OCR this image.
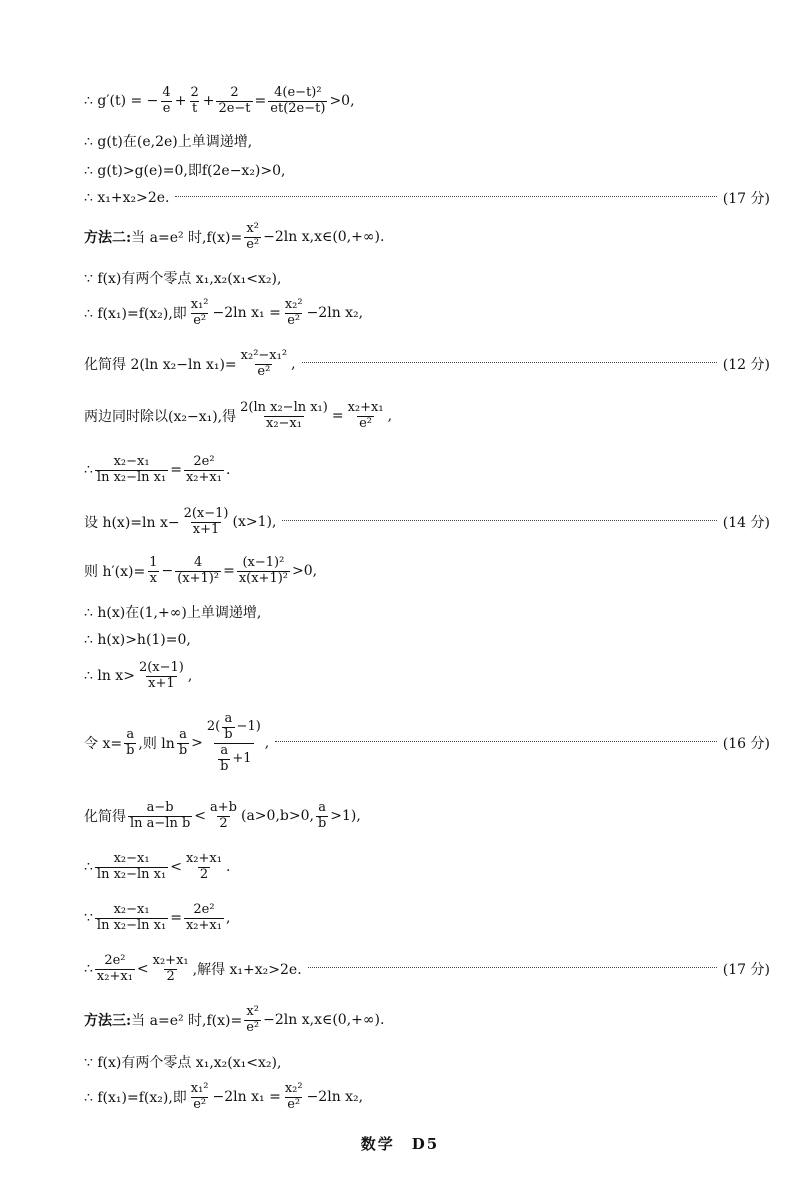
∴ g′(t) = − $\frac{4}{e} + \frac{2}{t} + \frac{2}{2e-t} = \frac{\text{4(e−t)²}}{et(2e-t)} >0$,
∴ g(t)在(e,2e)上单调递增,
∴ g(t)>g(e)=0,即f(2e−x₂)>0,
∴ x₁+x₂>2e.	(17 分)
方法二: 当 a=e² 时$,f(x)= \frac{\text{x²}}{\text{e²}} -2\ln$ x,x∈(0,+∞).
∵ f(x)有两个零点 x₁,x₂(x₁<x₂),
∴ f(x₁)=f(x₂),即 $\frac{\text{x₁²}}{\text{e²}} -2\ln$ $x_1 = \frac{\text{x₂²}}{\text{e²}} -2\ln$ x₂,
化简得 2(ln x₂−ln $x_1)= \frac{\text{x₂²−x₁²}}{\text{e²}}$ ,	(12 分)
两边同时除以(x₂−x₁),得 $\frac{\text{2(ln x₂−ln x₁)}}{\text{x₂−x₁}} = \frac{\text{x₂+x₁}}{\text{e²}}$ ,
∴ $\frac{\text{x₂−x₁}}{\text{ln x₂−ln x₁}} = \frac{\text{2e²}}{\text{x₂+x₁}}$ .
设 h(x)=ln $x- \frac{2(x-1)}{x+1} (x>1)$,	(14 分)
则 $h'(x)= \frac{1}{x} - \frac{4}{\text{(x+1)²}} = \frac{\text{(x−1)²}}{\text{x(x+1)²}} >0$,
∴ h(x)在(1,+∞)上单调递增,
∴ h(x)>h(1)=0,
∴ $\ln x> \frac{2(x-1)}{x+1}$ ,
令 $x= \frac{a}{b}$ ,则 $\ln \frac{a}{b} > \frac{2( \frac{a}{b} -1)}{\frac{a}{b} +1}$ ,	(16 分)
化简得 $\frac{a-b}{\text{ln a−ln b}} < \frac{a+b}{2} (a>0,b>0$, $\frac{a}{b} >1$),
∴ $\frac{\text{x₂−x₁}}{\text{ln x₂−ln x₁}} < \frac{\text{x₂+x₁}}{2}$ .
∵ $\frac{\text{x₂−x₁}}{\text{ln x₂−ln x₁}} = \frac{\text{2e²}}{\text{x₂+x₁}}$ ,
∴ $\frac{\text{2e²}}{\text{x₂+x₁}} < \frac{\text{x₂+x₁}}{2}$ ,解得 x₁+x₂>2e.	(17 分)
方法三: 当 a=e² 时$,f(x)= \frac{\text{x²}}{\text{e²}} -2\ln$ x,x∈(0,+∞).
∵ f(x)有两个零点 x₁,x₂(x₁<x₂),
∴ f(x₁)=f(x₂),即 $\frac{\text{x₁²}}{\text{e²}} -2\ln$ $x_1 = \frac{\text{x₂²}}{\text{e²}} -2\ln$ x₂,
数学　D5
